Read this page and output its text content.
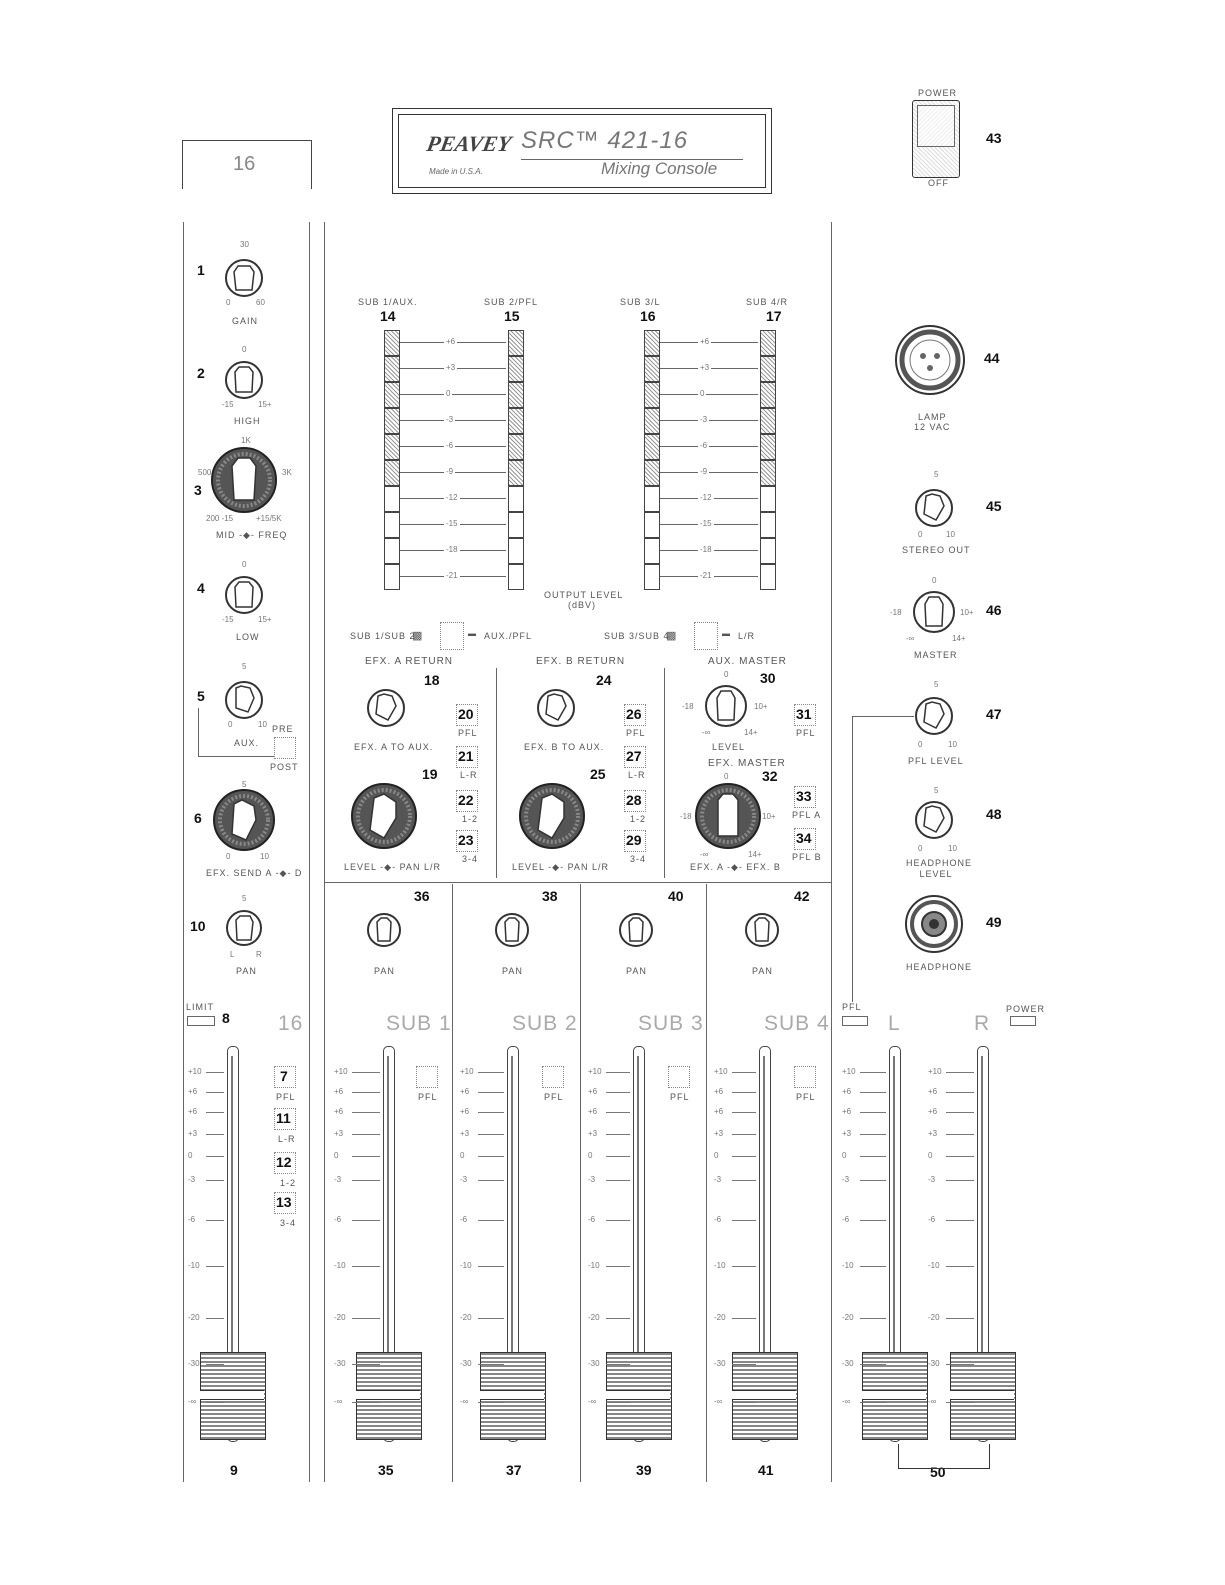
16
PEAVEY
Made in U.S.A.
SRC™ 421-16
Mixing Console
POWER
OFF
43
30
0	60
GAIN
1
0
-15	15+
HIGH
2
1K
500	3K
200 -15	+15/5K
MID -◆- FREQ
3
0
-15	15+
LOW
4
5
0	10 PRE
AUX.
POST
5
5
0	10
EFX. SEND A -◆- D
6
5
L	R
PAN
10
LIMIT
8 16
7
PFL
11
L-R
12
1-2
13
3-4
+10
+6
+6
+3
0
-3
-6
-10
-20
-30
-∞
+10
+6
+6
+3
0
-3
-6
-10
-20
-30
-∞
+10
+6
+6
+3
0
-3
-6
-10
-20
-30
-∞
+10
+6
+6
+3
0
-3
-6
-10
-20
-30
-∞
+10
+6
+6
+3
0
-3
-6
-10
-20
-30
-∞
+10
+6
+6
+3
0
-3
-6
-10
-20
-30
-∞
+10
+6
+6
+3
0
-3
-6
-10
-20
-30
-∞
SUB 1/AUX.	SUB 2/PFL	SUB 3/L	SUB 4/R
14	15	16	17
+6
+3
0
-3
-6
-9
-12
-15
-18
-21
+6
+3
0
-3
-6
-9
-12
-15
-18
-21
OUTPUT LEVEL
(dBV)
SUB 1/SUB 2
▩	▬ AUX./PFL	SUB 3/SUB 4
▩	▬ L/R
EFX. A RETURN	EFX. B RETURN	AUX. MASTER
18
EFX. A TO AUX.
20
PFL
21
L-R
22
1-2
23
3-4
19
LEVEL -◆- PAN L/R
24
EFX. B TO AUX.
26
PFL
27
L-R
28
1-2
29
3-4
25
LEVEL -◆- PAN L/R
0
-18	10+
-∞	14+
30
LEVEL
31
PFL
EFX. MASTER
0
-18	10+
-∞	14+
32
EFX. A -◆- EFX. B
33
PFL A
34
PFL B
36
PAN
38
PAN
40
PAN
42
PAN
SUB 1	SUB 2	SUB 3	SUB 4
PFL	PFL	PFL	PFL
9	35	37	39	41
44
LAMP
12 VAC
5
0	10
STEREO OUT
45
0
-18	10+
-∞	14+
MASTER
46
5
0	10
PFL LEVEL
47
5
0	10
HEADPHONE LEVEL
48
49
HEADPHONE
PFL
L	R
POWER
50
